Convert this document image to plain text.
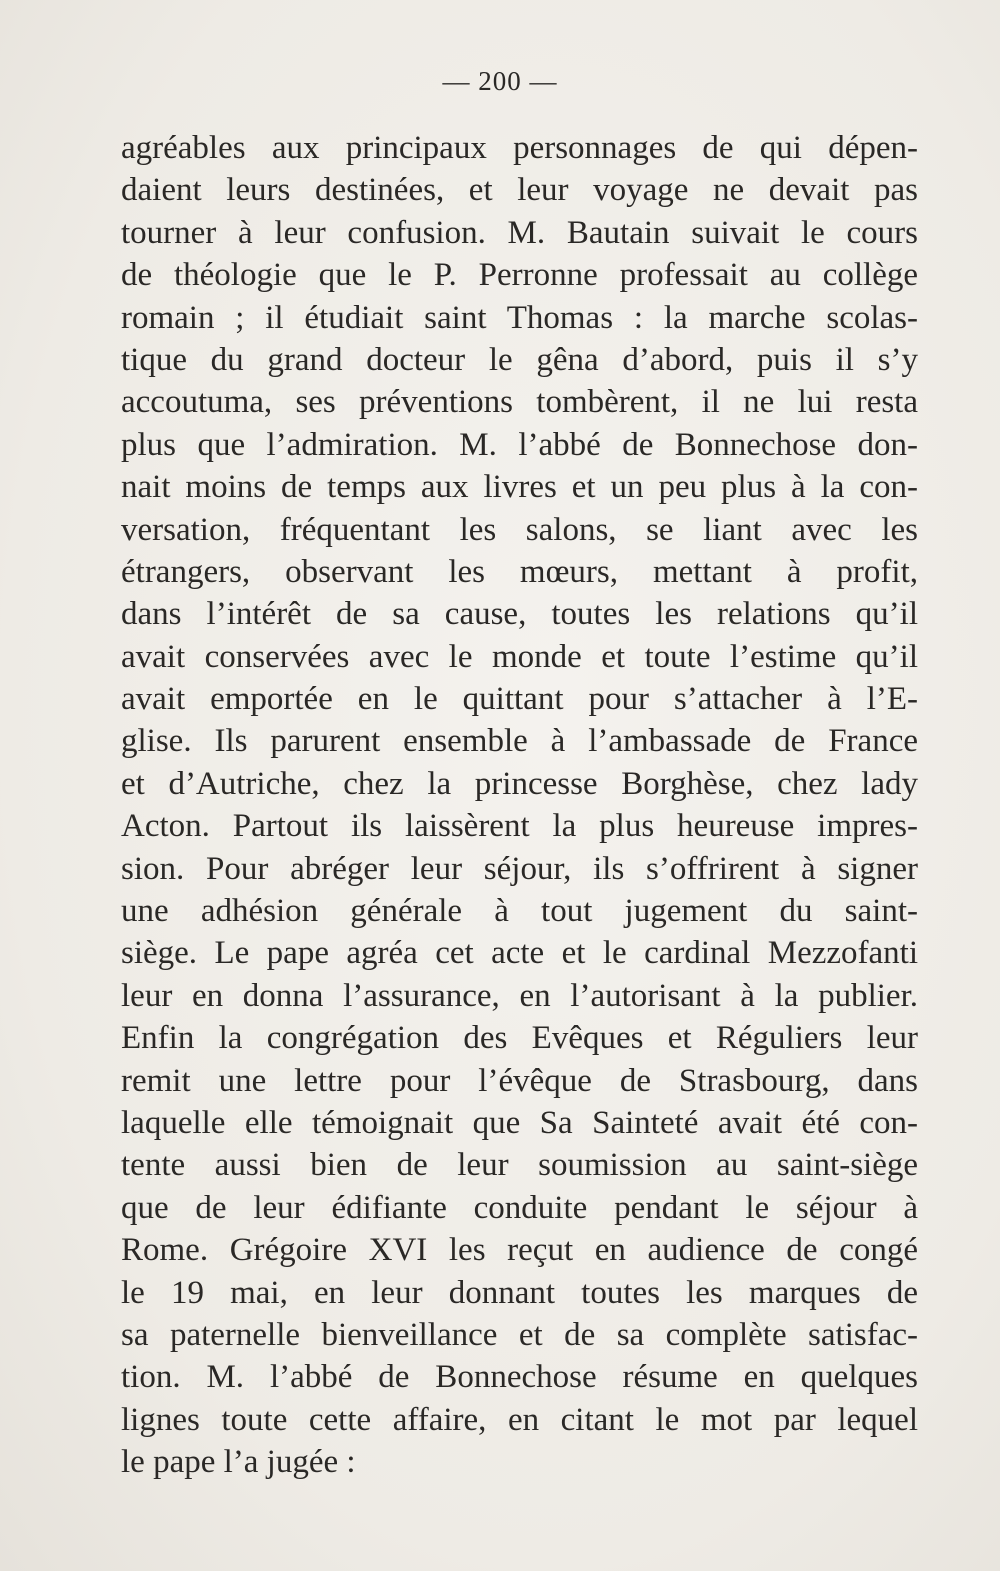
— 200 —
agréables aux principaux personnages de qui dépen-
daient leurs destinées, et leur voyage ne devait pas
tourner à leur confusion. M. Bautain suivait le cours
de théologie que le P. Perronne professait au collège
romain ; il étudiait saint Thomas : la marche scolas-
tique du grand docteur le gêna d’abord, puis il s’y
accoutuma, ses préventions tombèrent, il ne lui resta
plus que l’admiration. M. l’abbé de Bonnechose don-
nait moins de temps aux livres et un peu plus à la con-
versation, fréquentant les salons, se liant avec les
étrangers, observant les mœurs, mettant à profit,
dans l’intérêt de sa cause, toutes les relations qu’il
avait conservées avec le monde et toute l’estime qu’il
avait emportée en le quittant pour s’attacher à l’E-
glise. Ils parurent ensemble à l’ambassade de France
et d’Autriche, chez la princesse Borghèse, chez lady
Acton. Partout ils laissèrent la plus heureuse impres-
sion. Pour abréger leur séjour, ils s’offrirent à signer
une adhésion générale à tout jugement du saint-
siège. Le pape agréa cet acte et le cardinal Mezzofanti
leur en donna l’assurance, en l’autorisant à la publier.
Enfin la congrégation des Evêques et Réguliers leur
remit une lettre pour l’évêque de Strasbourg, dans
laquelle elle témoignait que Sa Sainteté avait été con-
tente aussi bien de leur soumission au saint-siège
que de leur édifiante conduite pendant le séjour à
Rome. Grégoire XVI les reçut en audience de congé
le 19 mai, en leur donnant toutes les marques de
sa paternelle bienveillance et de sa complète satisfac-
tion. M. l’abbé de Bonnechose résume en quelques
lignes toute cette affaire, en citant le mot par lequel
le pape l’a jugée :
